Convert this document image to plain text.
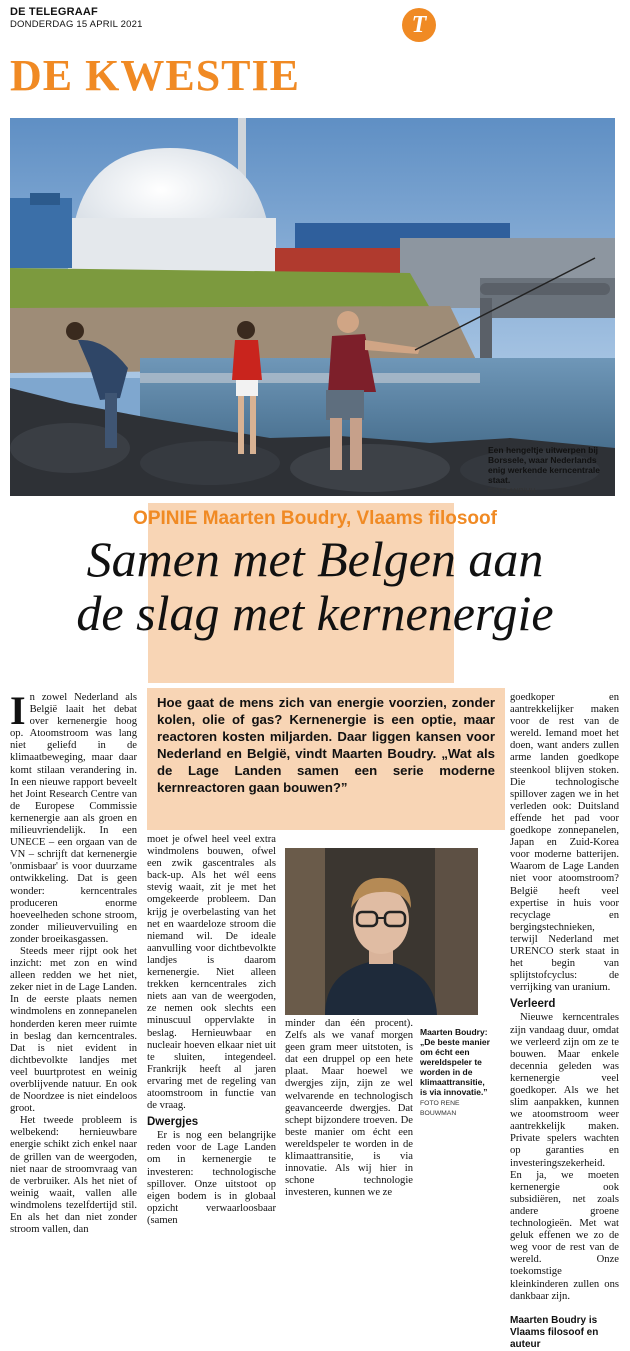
DE TELEGRAAF
DONDERDAG 15 APRIL 2021	T
DE KWESTIE
Een hengeltje uitwerpen bij Borssele, waar Nederlands enig werkende kerncentrale staat.
FOTO ANP/HH
OPINIE Maarten Boudry, Vlaams filosoof
Samen met Belgen aan
de slag met kernenergie
Hoe gaat de mens zich van energie voorzien, zonder kolen, olie of gas? Kernenergie is een optie, maar reactoren kosten miljarden. Daar liggen kansen voor Nederland en België, vindt Maarten Boudry. „Wat als de Lage Landen samen een serie moderne kernreactoren gaan bouwen?”

In zowel Nederland als België laait het debat over kernenergie hoog op. Atoomstroom was lang niet geliefd in de klimaatbeweging, maar daar komt stilaan verandering in. In een nieuwe rapport beveelt het Joint Research Centre van de Europese Commissie kernenergie aan als groen en milieuvriendelijk. In een UNECE – een orgaan van de VN – schrijft dat kernenergie 'onmisbaar' is voor duurzame ontwikkeling. Dat is geen wonder: kerncentrales produceren enorme hoeveelheden schone stroom, zonder milieuvervuiling en zonder broeikasgassen.

Steeds meer rijpt ook het inzicht: met zon en wind alleen redden we het niet, zeker niet in de Lage Landen. In de eerste plaats nemen windmolens en zonnepanelen honderden keren meer ruimte in beslag dan kerncentrales. Dat is niet evident in dichtbevolkte landjes met veel buurtprotest en weinig overblijvende natuur. En ook de Noordzee is niet eindeloos groot.

Het tweede probleem is welbekend: hernieuwbare energie schikt zich enkel naar de grillen van de weergoden, niet naar de stroomvraag van de verbruiker. Als het niet of weinig waait, vallen alle windmolens tezelfdertijd stil. En als het dan niet zonder stroom vallen, dan

moet je ofwel heel veel extra windmolens bouwen, ofwel een zwik gascentrales als back-up. Als het wél eens stevig waait, zit je met het omgekeerde probleem. Dan krijg je overbelasting van het net en waardeloze stroom die niemand wil. De ideale aanvulling voor dichtbevolkte landjes is daarom kernenergie. Niet alleen trekken kerncentrales zich niets aan van de weergoden, ze nemen ook slechts een minuscuul oppervlakte in beslag. Hernieuwbaar en nucleair hoeven elkaar niet uit te sluiten, integendeel. Frankrijk heeft al jaren ervaring met de regeling van atoomstroom in functie van de vraag.

Dwergjes

Er is nog een belangrijke reden voor de Lage Landen om in kernenergie te investeren: technologische spillover. Onze uitstoot op eigen bodem is in globaal opzicht verwaarloosbaar (samen

minder dan één procent). Zelfs als we vanaf morgen geen gram meer uitstoten, is dat een druppel op een hete plaat. Maar hoewel we dwergjes zijn, zijn ze wel welvarende en technologisch geavanceerde dwergjes. Dat schept bijzondere troeven. De beste manier om écht een wereldspeler te worden in de klimaattransitie, is via innovatie. Als wij hier in schone technologie investeren, kunnen we ze

Maarten Boudry: „De beste manier om écht een wereldspeler te worden in de klimaattransitie, is via innovatie.”
FOTO RENE BOUWMAN

goedkoper en aantrekkelijker maken voor de rest van de wereld. Iemand moet het doen, want anders zullen arme landen goedkope steenkool blijven stoken. Die technologische spillover zagen we in het verleden ook: Duitsland effende het pad voor goedkope zonnepanelen, Japan en Zuid-Korea voor moderne batterijen. Waarom de Lage Landen niet voor atoomstroom? België heeft veel expertise in huis voor recyclage en bergingstechnieken, terwijl Nederland met URENCO sterk staat in het begin van splijtstofcyclus: de verrijking van uranium.

Verleerd

Nieuwe kerncentrales zijn vandaag duur, omdat we verleerd zijn om ze te bouwen. Maar enkele decennia geleden was kernenergie veel goedkoper. Als we het slim aanpakken, kunnen we atoomstroom weer aantrekkelijk maken. Private spelers wachten op garanties en investeringszekerheid. En ja, we moeten kernenergie ook subsidiëren, net zoals andere groene technologieën. Met wat geluk effenen we zo de weg voor de rest van de wereld. Onze toekomstige kleinkinderen zullen ons dankbaar zijn.

Maarten Boudry is Vlaams filosoof en auteur
